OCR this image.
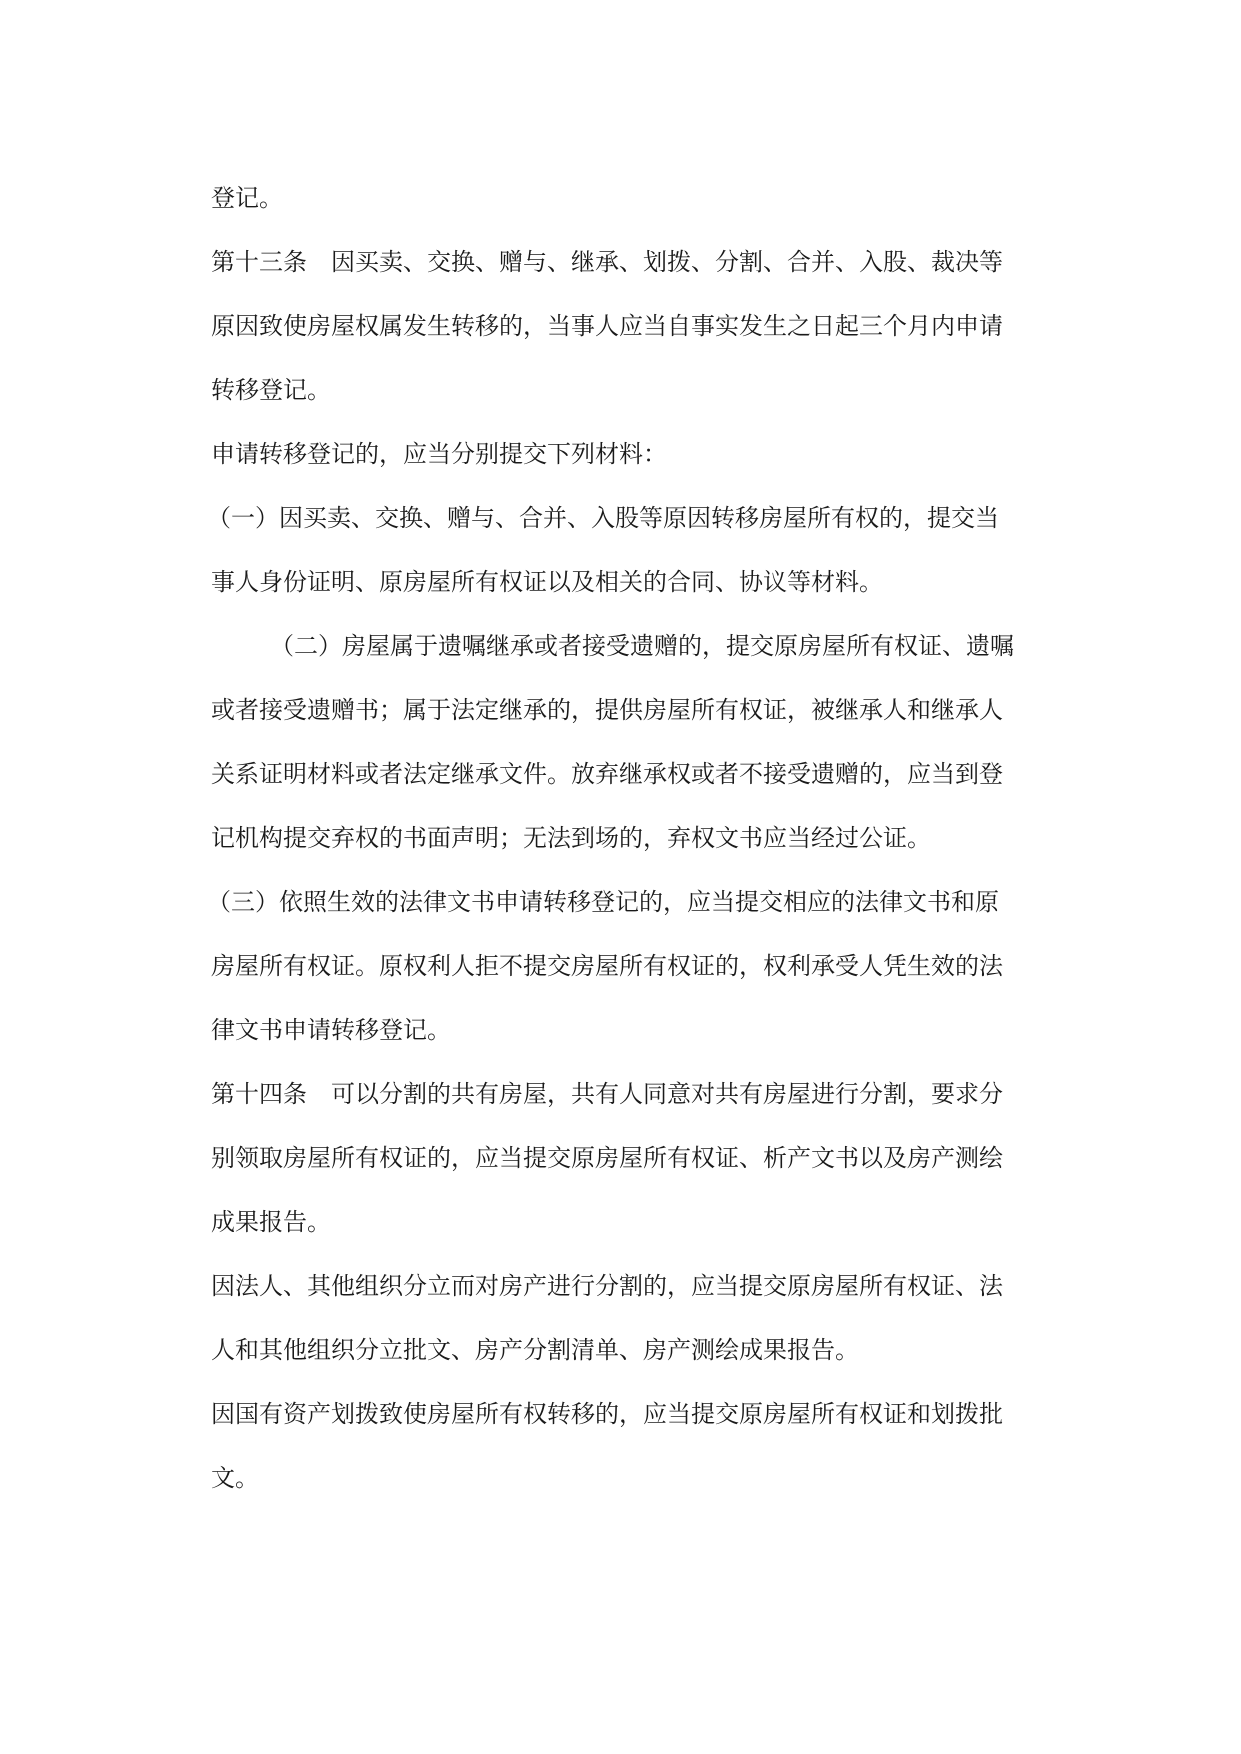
登记。
第十三条　因买卖、交换、赠与、继承、划拨、分割、合并、入股、裁决等
原因致使房屋权属发生转移的，当事人应当自事实发生之日起三个月内申请
转移登记。
申请转移登记的，应当分别提交下列材料：
（一）因买卖、交换、赠与、合并、入股等原因转移房屋所有权的，提交当
事人身份证明、原房屋所有权证以及相关的合同、协议等材料。
（二）房屋属于遗嘱继承或者接受遗赠的，提交原房屋所有权证、遗嘱
或者接受遗赠书；属于法定继承的，提供房屋所有权证，被继承人和继承人
关系证明材料或者法定继承文件。放弃继承权或者不接受遗赠的，应当到登
记机构提交弃权的书面声明；无法到场的，弃权文书应当经过公证。
（三）依照生效的法律文书申请转移登记的，应当提交相应的法律文书和原
房屋所有权证。原权利人拒不提交房屋所有权证的，权利承受人凭生效的法
律文书申请转移登记。
第十四条　可以分割的共有房屋，共有人同意对共有房屋进行分割，要求分
别领取房屋所有权证的，应当提交原房屋所有权证、析产文书以及房产测绘
成果报告。
因法人、其他组织分立而对房产进行分割的，应当提交原房屋所有权证、法
人和其他组织分立批文、房产分割清单、房产测绘成果报告。
因国有资产划拨致使房屋所有权转移的，应当提交原房屋所有权证和划拨批
文。
